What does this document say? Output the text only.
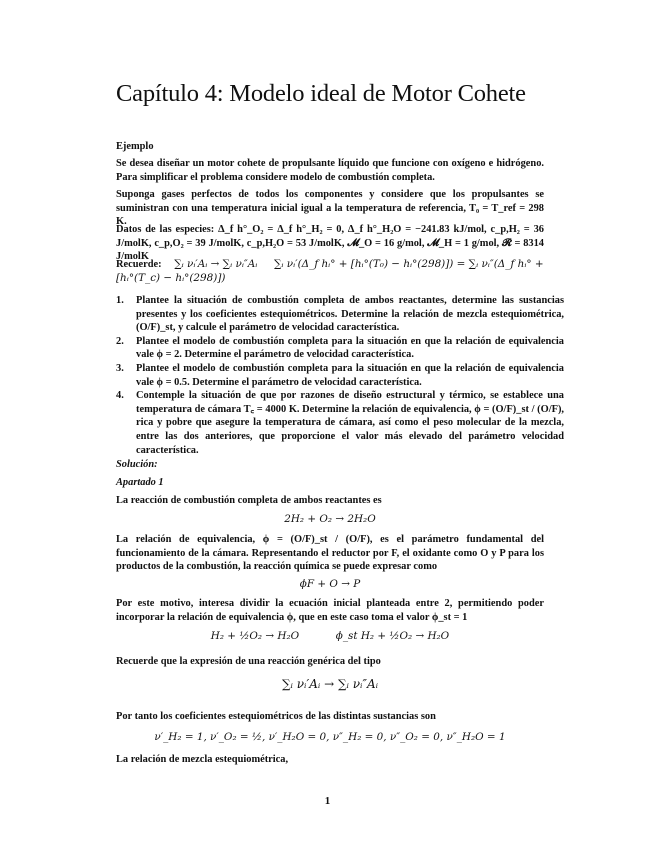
Capítulo 4: Modelo ideal de Motor Cohete

Ejemplo

Se desea diseñar un motor cohete de propulsante líquido que funcione con oxígeno e hidrógeno. Para simplificar el problema considere modelo de combustión completa.

Suponga gases perfectos de todos los componentes y considere que los propulsantes se suministran con una temperatura inicial igual a la temperatura de referencia, T₀ = T_ref = 298 K.

Datos de las especies: Δ_f h°_O₂ = Δ_f h°_H₂ = 0, Δ_f h°_H₂O = −241.83 kJ/mol, c_p,H₂ = 36 J/molK, c_p,O₂ = 39 J/molK, c_p,H₂O = 53 J/molK, 𝓜_O = 16 g/mol, 𝓜_H = 1 g/mol, 𝓡 = 8314 J/molK

Recuerde: ∑ᵢ νᵢ′Aᵢ → ∑ᵢ νᵢ″Aᵢ ∑ᵢ νᵢ′(Δ_f hᵢ° + [hᵢ°(T₀) − hᵢ°(298)]) = ∑ᵢ νᵢ″(Δ_f hᵢ° + [hᵢ°(T_c) − hᵢ°(298)])

1. Plantee la situación de combustión completa de ambos reactantes, determine las sustancias presentes y los coeficientes estequiométricos. Determine la relación de mezcla estequiométrica, (O/F)_st, y calcule el parámetro de velocidad característica.
2. Plantee el modelo de combustión completa para la situación en que la relación de equivalencia vale ϕ = 2. Determine el parámetro de velocidad característica.
3. Plantee el modelo de combustión completa para la situación en que la relación de equivalencia vale ϕ = 0.5. Determine el parámetro de velocidad característica.
4. Contemple la situación de que por razones de diseño estructural y térmico, se establece una temperatura de cámara T꜀ = 4000 K. Determine la relación de equivalencia, ϕ = (O/F)_st / (O/F), rica y pobre que asegure la temperatura de cámara, así como el peso molecular de la mezcla, entre las dos anteriores, que proporcione el valor más elevado del parámetro velocidad característica.

Solución:

Apartado 1

La reacción de combustión completa de ambos reactantes es

2H₂ + O₂ → 2H₂O

La relación de equivalencia, ϕ = (O/F)_st / (O/F), es el parámetro fundamental del funcionamiento de la cámara. Representando el reductor por F, el oxidante como O y P para los productos de la combustión, la reacción química se puede expresar como

ϕF + O → P

Por este motivo, interesa dividir la ecuación inicial planteada entre 2, permitiendo poder incorporar la relación de equivalencia ϕ, que en este caso toma el valor ϕ_st = 1

H₂ + ½O₂ → H₂O	ϕ_st H₂ + ½O₂ → H₂O

Recuerde que la expresión de una reacción genérica del tipo

∑ᵢ νᵢ′Aᵢ → ∑ᵢ νᵢ″Aᵢ

Por tanto los coeficientes estequiométricos de las distintas sustancias son

ν′_H₂ = 1, ν′_O₂ = ½, ν′_H₂O = 0, ν″_H₂ = 0, ν″_O₂ = 0, ν″_H₂O = 1

La relación de mezcla estequiométrica,

1
